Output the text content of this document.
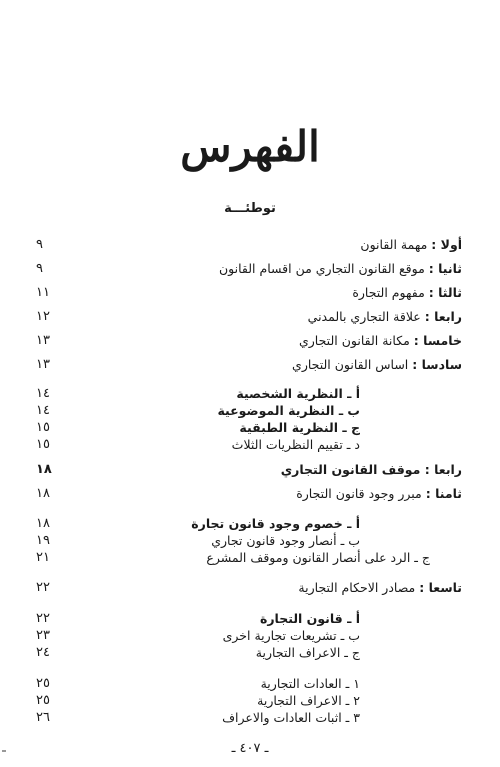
الفهرس
توطئـــة
أولا : مهمة القانون
٩
ثانيا : موقع القانون التجاري من اقسام القانون
٩
ثالثا : مفهوم التجارة
١١
رابعا : علاقة التجاري بالمدني
١٢
خامسا : مكانة القانون التجاري
١٣
سادسا : اساس القانون التجاري
١٣
أ ـ النظرية الشخصية
١٤
ب ـ النظرية الموضوعية
١٤
ج ـ النظرية الطبقية
١٥
د ـ تقييم النظريات الثلاث
١٥
رابعا : موقف القانون التجاري
١٨
ثامنا : مبرر وجود قانون التجارة
١٨
أ ـ خصوم وجود قانون تجارة
١٨
ب ـ أنصار وجود قانون تجاري
١٩
ج ـ الرد على أنصار القانون وموقف المشرع
٢١
تاسعا : مصادر الاحكام التجارية
٢٢
أ ـ قانون التجارة
٢٢
ب ـ تشريعات تجارية اخرى
٢٣
ج ـ الاعراف التجارية
٢٤
١ ـ العادات التجارية
٢٥
٢ ـ الاعراف التجارية
٢٥
٣ ـ اثبات العادات والاعراف
٢٦
ـ ٤٠٧ ـ
